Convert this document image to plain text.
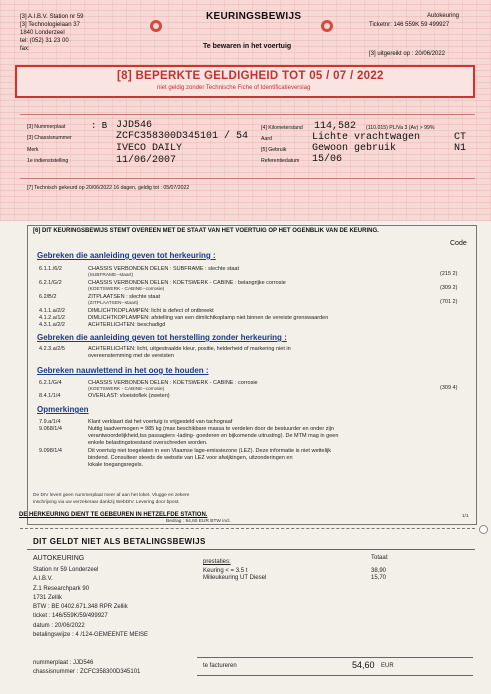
[3] A.I.B.V. Station nr 59
[3] Technologielaan 37
1840 Londerzeel
tel: (052) 31 23 00
fax:
KEURINGSBEWIJS	Autokeuring
Ticketnr: 146 559K 59 499927
Te bewaren in het voertuig
[3] uitgereikt op : 20/06/2022
[8] BEPERKTE GELDIGHEID TOT 05 / 07 / 2022
niet geldig zonder Technische Fiche of Identificatieverslag
[3] Nummerplaat	: B JJD546
[3] Chassisnummer	ZCFC358300D345101 / 54
Merk	IVECO DAILY
1e indienststelling	11/06/2007
[4] Kilometerstand 114,582 (110.015) PL/Va 3 (Av) > 99%
Aard	Lichte vrachtwagen	CT
[5] Gebruik	Gewoon gebruik	N1
Referentiedatum 15/06
[7] Technisch gekeurd op 20/06/2022 16 dagen, geldig tot : 05/07/2022
[6] DIT KEURINGSBEWIJS STEMT OVEREEN MET DE STAAT VAN HET VOERTUIG OP HET OGENBLIK VAN DE KEURING.
Code
Gebreken die aanleiding geven tot herkeuring :
6.1.1./6/2	CHASSIS VERBONDEN DELEN : SUBFRAME : slechte staat
(SUBFRAME--staart)	(215 2)
6.2.1/G/2	CHASSIS VERBONDEN DELEN : KOETSWERK - CABINE : belangrijke corrosie
(KOETSWERK - CABINE--corrosie)	(309 2)
6.2/B/2	ZITPLAATSEN : slechte staat
(ZITPLAATSEN--staart)	(701 2)
4.1.1.a/2/2	DIMLICHTKOPLAMPEN: licht is defect of ontbreekt
4.1.2.a/1/2	DIMLICHTKOPLAMPEN: afstelling van een dimlichtkoplamp niet binnen de vereiste grenswaarden
4.3.1.a/2/2	ACHTERLICHTEN: beschadigd
Gebreken die aanleiding geven tot herstelling zonder herkeuring :
4.2.3.a/2/5	ACHTERLICHTEN: licht, uitgestraalde kleur, positie, helderheid of markering niet in
overeenstemming met de vereisten
Gebreken nauwlettend in het oog te houden :
6.2.1/G/4	CHASSIS VERBONDEN DELEN : KOETSWERK - CABINE : corrosie
(KOETSWERK - CABINE--corrosie)	(309 4)
8.4.1/1/4	OVERLAST: vloeistoflek (zweten)
Opmerkingen
7.9.a/1/4	Klant verklaart dat het voertuig is vrijgesteld van tachograaf
9.068/1/4	Nuttig laadvermogen = 985 kg (max beschikbare massa te verdelen door de bestuurder en onder zijn
verantwoordelijkheid,tss passagiers -lading- goederen en bijkomende uitrusting). De MTM mag in geen
enkele belastingstoestand overschreden worden.
9.098/1/4	Dit voertuig niet toegelaten in een Vlaamse lage-emissiezone (LEZ). Deze informatie is niet wettelijk
bindend. Consulteer steeds de website van LEZ voor afwijkingen, uitzonderingen en
lokale toegangsregels.
De DIV levert geen nummerplaat meer af aan het loket. Vlugge en zekere
inschrijving via uw verzekeraar dankzij WebDIV. Levering door bpost.
DE HERKEURING DIENT TE GEBEUREN IN HETZELFDE STATION.
Bedrag : 54,60 EUR BTW incl.
1/1
DIT GELDT NIET ALS BETALINGSBEWIJS
AUTOKEURING
Station nr 59 Londerzeel
A.I.B.V.
Z.1 Researchpark 90
1731 Zellik
BTW : BE 0402.671.348 RPR Zellik
ticket : 146/559K/59/499927
datum : 20/06/2022
betalingswijze : 4 /124-GEMEENTE MEISE
prestaties:
Totaal:
Keuring < = 3.5 t	38,90
Milieukeuring UT Diesel	15,70
nummerplaat : JJD546
chassisnummer : ZCFC358300D345101
te factureren	54,60 EUR
